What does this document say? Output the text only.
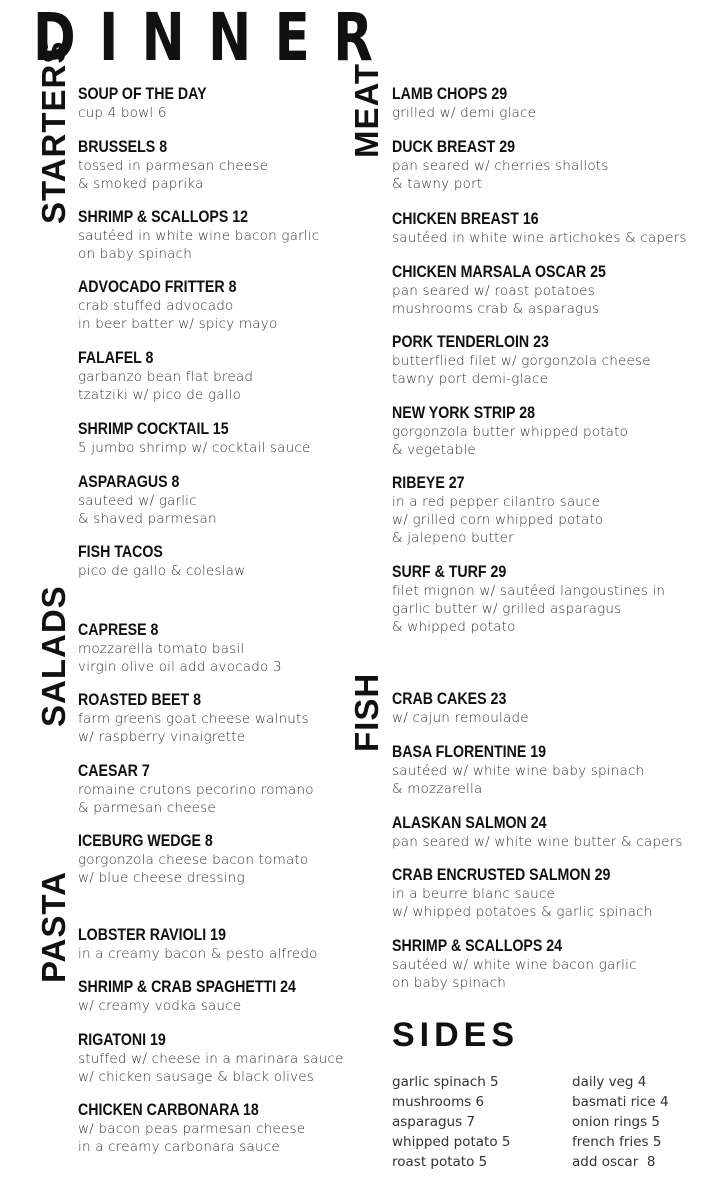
DINNER
STARTERS
SALADS
PASTA
MEAT
FISH
SOUP OF THE DAY
cup 4 bowl 6
BRUSSELS 8
tossed in parmesan cheese
& smoked paprika
SHRIMP & SCALLOPS 12
sautéed in white wine bacon garlic
on baby spinach
ADVOCADO FRITTER 8
crab stuffed advocado
in beer batter w/ spicy mayo
FALAFEL 8
garbanzo bean flat bread
tzatziki w/ pico de gallo
SHRIMP COCKTAIL 15
5 jumbo shrimp w/ cocktail sauce
ASPARAGUS 8
sauteed w/ garlic
& shaved parmesan
FISH TACOS
pico de gallo & coleslaw
CAPRESE 8
mozzarella tomato basil
virgin olive oil add avocado 3
ROASTED BEET 8
farm greens goat cheese walnuts
w/ raspberry vinaigrette
CAESAR 7
romaine crutons pecorino romano
& parmesan cheese
ICEBURG WEDGE 8
gorgonzola cheese bacon tomato
w/ blue cheese dressing
LOBSTER RAVIOLI 19
in a creamy bacon & pesto alfredo
SHRIMP & CRAB SPAGHETTI 24
w/ creamy vodka sauce
RIGATONI 19
stuffed w/ cheese in a marinara sauce
w/ chicken sausage & black olives
CHICKEN CARBONARA 18
w/ bacon peas parmesan cheese
in a creamy carbonara sauce
LAMB CHOPS 29
grilled w/ demi glace
DUCK BREAST 29
pan seared w/ cherries shallots
& tawny port
CHICKEN BREAST 16
sautéed in white wine artichokes & capers
CHICKEN MARSALA OSCAR 25
pan seared w/ roast potatoes
mushrooms crab & asparagus
PORK TENDERLOIN 23
butterflied filet w/ gorgonzola cheese
tawny port demi-glace
NEW YORK STRIP 28
gorgonzola butter whipped potato
& vegetable
RIBEYE 27
in a red pepper cilantro sauce
w/ grilled corn whipped potato
& jalepeno butter
SURF & TURF 29
filet mignon w/ sautéed langoustines in
garlic butter w/ grilled asparagus
& whipped potato
CRAB CAKES 23
w/ cajun remoulade
BASA FLORENTINE 19
sautéed w/ white wine baby spinach
& mozzarella
ALASKAN SALMON 24
pan seared w/ white wine butter & capers
CRAB ENCRUSTED SALMON 29
in a beurre blanc sauce
w/ whipped potatoes & garlic spinach
SHRIMP & SCALLOPS 24
sautéed w/ white wine bacon garlic
on baby spinach
SIDES
garlic spinach 5
mushrooms 6
asparagus 7
whipped potato 5
roast potato 5
daily veg 4
basmati rice 4
onion rings 5
french fries 5
add oscar  8
